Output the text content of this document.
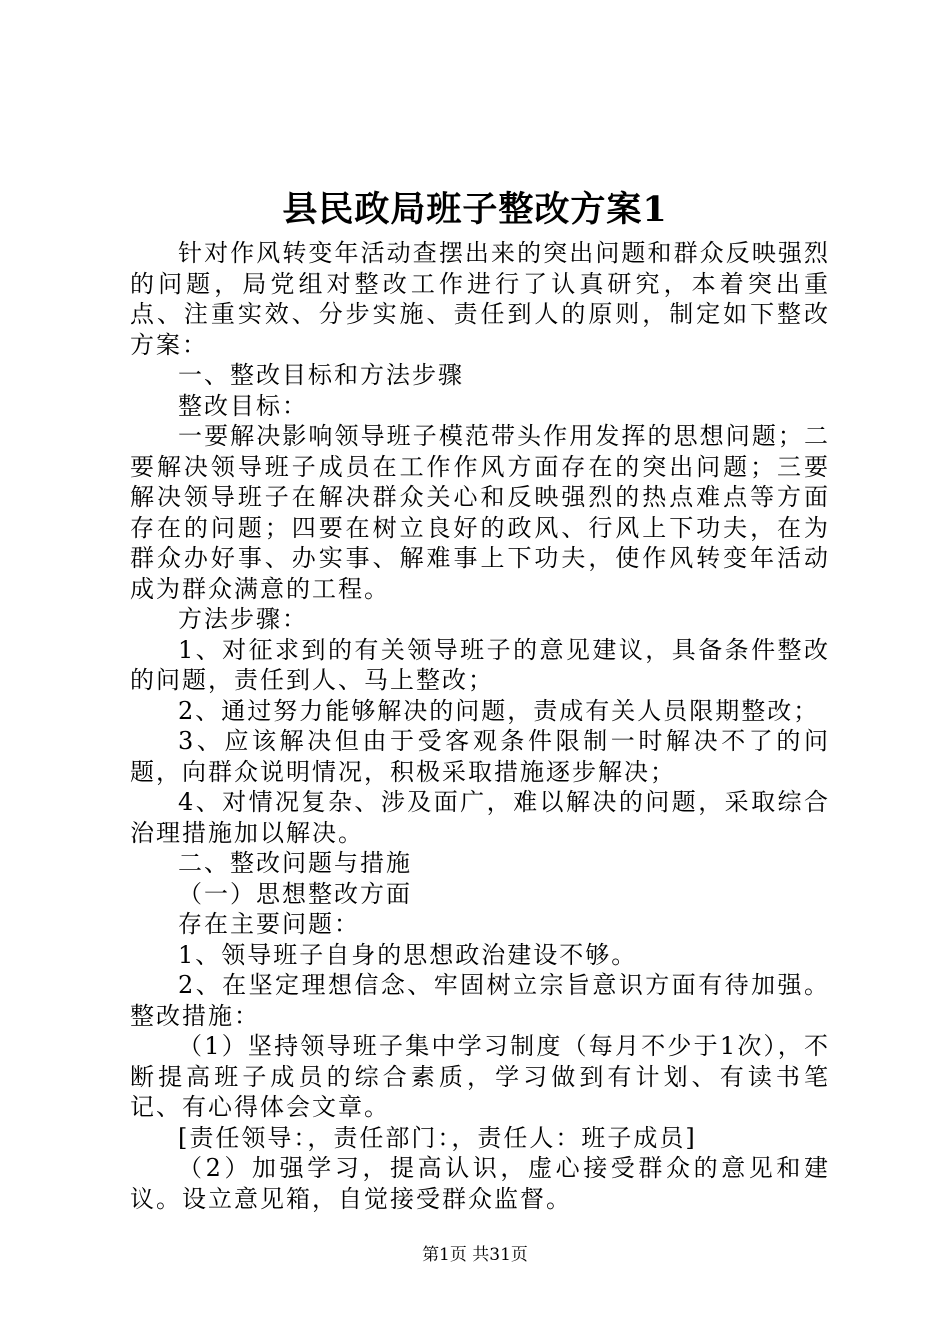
县民政局班子整改方案1

针对作风转变年活动查摆出来的突出问题和群众反映强烈的问题，局党组对整改工作进行了认真研究，本着突出重点、注重实效、分步实施、责任到人的原则，制定如下整改方案：

一、整改目标和方法步骤

整改目标：

一要解决影响领导班子模范带头作用发挥的思想问题；二要解决领导班子成员在工作作风方面存在的突出问题；三要解决领导班子在解决群众关心和反映强烈的热点难点等方面存在的问题；四要在树立良好的政风、行风上下功夫，在为群众办好事、办实事、解难事上下功夫，使作风转变年活动成为群众满意的工程。

方法步骤：

1、对征求到的有关领导班子的意见建议，具备条件整改的问题，责任到人、马上整改；

2、通过努力能够解决的问题，责成有关人员限期整改；

3、应该解决但由于受客观条件限制一时解决不了的问题，向群众说明情况，积极采取措施逐步解决；

4、对情况复杂、涉及面广，难以解决的问题，采取综合治理措施加以解决。

二、整改问题与措施

（一）思想整改方面

存在主要问题：

1、领导班子自身的思想政治建设不够。

2、在坚定理想信念、牢固树立宗旨意识方面有待加强。整改措施：

（1）坚持领导班子集中学习制度（每月不少于1次），不断提高班子成员的综合素质，学习做到有计划、有读书笔记、有心得体会文章。

[责任领导：，责任部门：，责任人：班子成员]

（2）加强学习，提高认识，虚心接受群众的意见和建议。设立意见箱，自觉接受群众监督。

第1页 共31页
